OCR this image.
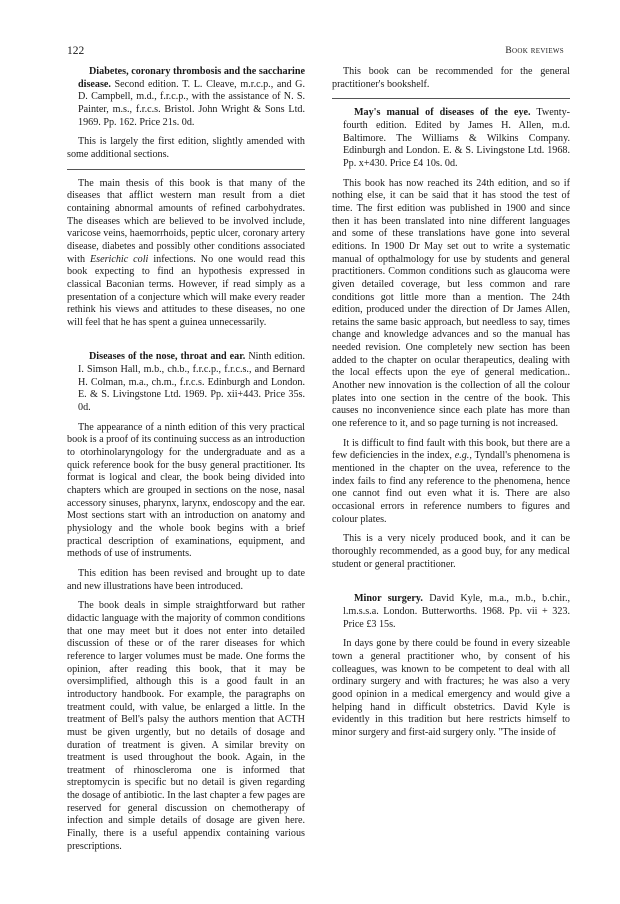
122	Book reviews

Diabetes, coronary thrombosis and the saccharine disease. Second edition. T. L. Cleave, m.r.c.p., and G. D. Campbell, m.d., f.r.c.p., with the assistance of N. S. Painter, m.s., f.r.c.s. Bristol. John Wright & Sons Ltd. 1969. Pp. 162. Price 21s. 0d.

This is largely the first edition, slightly amended with some additional sections.

The main thesis of this book is that many of the diseases that afflict western man result from a diet containing abnormal amounts of refined carbohydrates. The diseases which are believed to be involved include, varicose veins, haemorrhoids, peptic ulcer, coronary artery disease, diabetes and possibly other conditions associated with Eserichic coli infections. No one would read this book expecting to find an hypothesis expressed in classical Baconian terms. However, if read simply as a presentation of a conjecture which will make every reader rethink his views and attitudes to these diseases, no one will feel that he has spent a guinea unnecessarily.

Diseases of the nose, throat and ear. Ninth edition. I. Simson Hall, m.b., ch.b., f.r.c.p., f.r.c.s., and Bernard H. Colman, m.a., ch.m., f.r.c.s. Edinburgh and London. E. & S. Livingstone Ltd. 1969. Pp. xii+443. Price 35s. 0d.

The appearance of a ninth edition of this very practical book is a proof of its continuing success as an introduction to otorhinolaryngology for the undergraduate and as a quick reference book for the busy general practitioner. Its format is logical and clear, the book being divided into chapters which are grouped in sections on the nose, nasal accessory sinuses, pharynx, larynx, endoscopy and the ear. Most sections start with an introduction on anatomy and physiology and the whole book begins with a brief practical description of examinations, equipment, and methods of use of instruments.

This edition has been revised and brought up to date and new illustrations have been introduced.

The book deals in simple straightforward but rather didactic language with the majority of common conditions that one may meet but it does not enter into detailed discussion of these or of the rarer diseases for which reference to larger volumes must be made. One forms the opinion, after reading this book, that it may be oversimplified, although this is a good fault in an introductory handbook. For example, the paragraphs on treatment could, with value, be enlarged a little. In the treatment of Bell's palsy the authors mention that ACTH must be given urgently, but no details of dosage and duration of treatment is given. A similar brevity on treatment is used throughout the book. Again, in the treatment of rhinoscleroma one is informed that streptomycin is specific but no detail is given regarding the dosage of antibiotic. In the last chapter a few pages are reserved for general discussion on chemotherapy of infection and simple details of dosage are given here. Finally, there is a useful appendix containing various prescriptions.

This book can be recommended for the general practitioner's bookshelf.

May's manual of diseases of the eye. Twenty-fourth edition. Edited by James H. Allen, m.d. Baltimore. The Williams & Wilkins Company. Edinburgh and London. E. & S. Livingstone Ltd. 1968. Pp. x+430. Price £4 10s. 0d.

This book has now reached its 24th edition, and so if nothing else, it can be said that it has stood the test of time. The first edition was published in 1900 and since then it has been translated into nine different languages and some of these translations have gone into several editions. In 1900 Dr May set out to write a systematic manual of opthalmology for use by students and general practitioners. Common conditions such as glaucoma were given detailed coverage, but less common and rare conditions got little more than a mention. The 24th edition, produced under the direction of Dr James Allen, retains the same basic approach, but needless to say, times change and knowledge advances and so the manual has needed revision. One completely new section has been added to the chapter on ocular therapeutics, dealing with the local effects upon the eye of general medication.. Another new innovation is the collection of all the colour plates into one section in the centre of the book. This causes no inconvenience since each plate has more than one reference to it, and so page turning is not increased.

It is difficult to find fault with this book, but there are a few deficiencies in the index, e.g., Tyndall's phenomena is mentioned in the chapter on the uvea, reference to the index fails to find any reference to the phenomena, hence one cannot find out even what it is. There are also occasional errors in reference numbers to figures and colour plates.

This is a very nicely produced book, and it can be thoroughly recommended, as a good buy, for any medical student or general practitioner.

Minor surgery. David Kyle, m.a., m.b., b.chir., l.m.s.s.a. London. Butterworths. 1968. Pp. vii + 323. Price £3 15s.

In days gone by there could be found in every sizeable town a general practitioner who, by consent of his colleagues, was known to be competent to deal with all ordinary surgery and with fractures; he was also a very good opinion in a medical emergency and would give a helping hand in difficult obstetrics. David Kyle is evidently in this tradition but here restricts himself to minor surgery and first-aid surgery only. "The inside of
